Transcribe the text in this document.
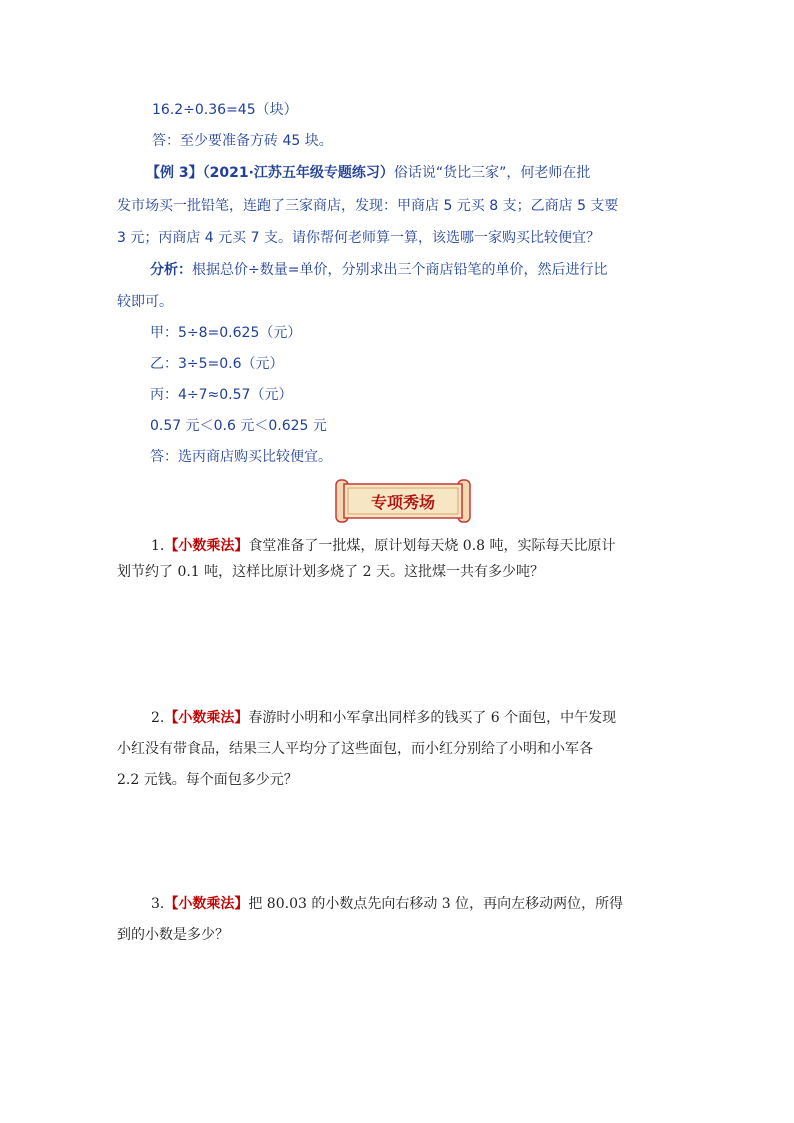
16.2÷0.36=45（块）
答：至少要准备方砖 45 块。
【例 3】（2021·江苏五年级专题练习）俗话说“货比三家”，何老师在批
发市场买一批铅笔，连跑了三家商店，发现：甲商店 5 元买 8 支；乙商店 5 支要
3 元；丙商店 4 元买 7 支。请你帮何老师算一算，该选哪一家购买比较便宜？
分析：根据总价÷数量=单价，分别求出三个商店铅笔的单价，然后进行比
较即可。
甲：5÷8=0.625（元）
乙：3÷5=0.6（元）
丙：4÷7≈0.57（元）
0.57 元＜0.6 元＜0.625 元
答：选丙商店购买比较便宜。
专项秀场
1.【小数乘法】食堂准备了一批煤，原计划每天烧 0.8 吨，实际每天比原计
划节约了 0.1 吨，这样比原计划多烧了 2 天。这批煤一共有多少吨？
2.【小数乘法】春游时小明和小军拿出同样多的钱买了 6 个面包，中午发现
小红没有带食品，结果三人平均分了这些面包，而小红分别给了小明和小军各
2.2 元钱。每个面包多少元？
3.【小数乘法】把 80.03 的小数点先向右移动 3 位，再向左移动两位，所得
到的小数是多少？
